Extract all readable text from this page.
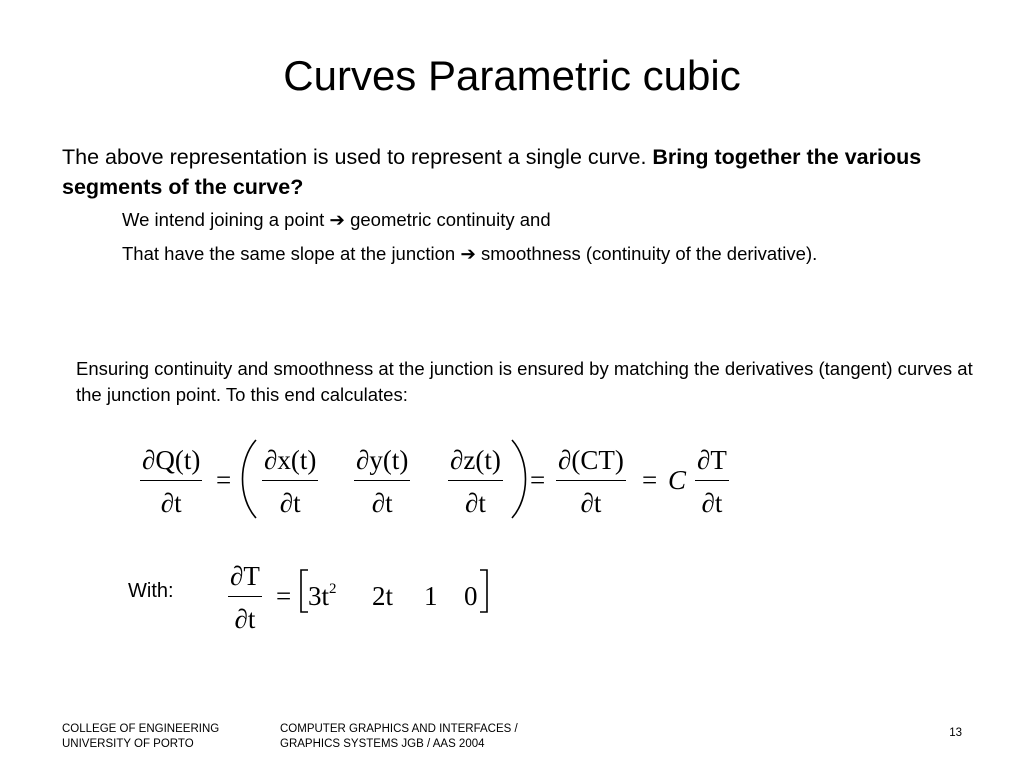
Curves Parametric cubic
The above representation is used to represent a single curve. Bring together the various segments of the curve?
We intend joining a point ➔ geometric continuity and
That have the same slope at the junction ➔ smoothness (continuity of the derivative).
Ensuring continuity and smoothness at the junction is ensured by matching the derivatives (tangent) curves at the junction point. To this end calculates:
∂Q(t)
∂t
=
∂x(t)
∂t
∂y(t)
∂t
∂z(t)
∂t
=
∂(CT)
∂t
= C
∂T
∂t
With: ∂T
∂t
= $3t^2$ 2t 1 0
COLLEGE OF ENGINEERING
UNIVERSITY OF PORTO
COMPUTER GRAPHICS AND INTERFACES /
GRAPHICS SYSTEMS JGB / AAS 2004
13
